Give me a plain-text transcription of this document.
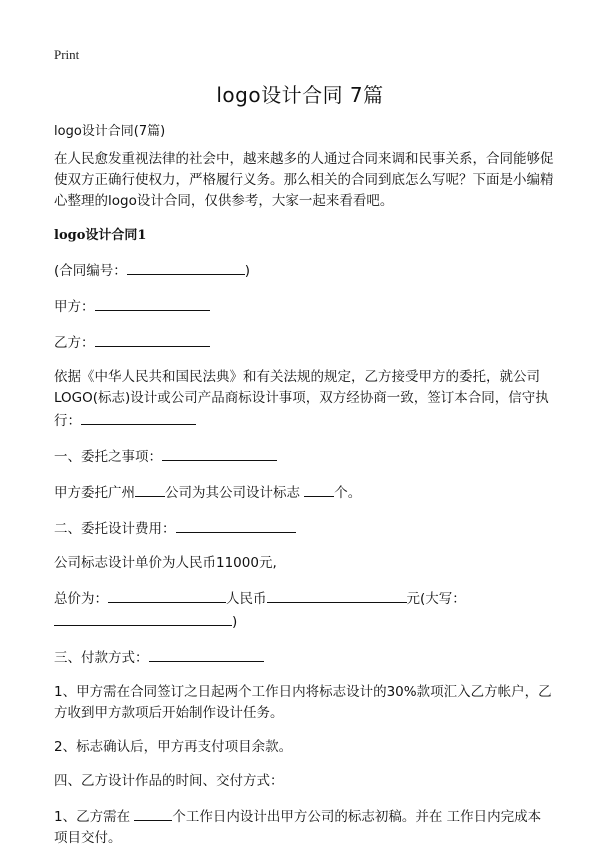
Print
logo设计合同 7篇

logo设计合同(7篇)

在人民愈发重视法律的社会中，越来越多的人通过合同来调和民事关系，合同能够促使双方正确行使权力，严格履行义务。那么相关的合同到底怎么写呢？下面是小编精心整理的logo设计合同，仅供参考，大家一起来看看吧。

logo设计合同1

(合同编号：	)

甲方：

乙方：

依据《中华人民共和国民法典》和有关法规的规定，乙方接受甲方的委托，就公司LOGO(标志)设计或公司产品商标设计事项，双方经协商一致，签订本合同，信守执行：

一、委托之事项：

甲方委托广州 公司为其公司设计标志	个。

二、委托设计费用：

公司标志设计单价为人民币11000元,

总价为：	人民币	元(大写：
)

三、付款方式：

1、甲方需在合同签订之日起两个工作日内将标志设计的30%款项汇入乙方帐户，乙方收到甲方款项后开始制作设计任务。

2、标志确认后，甲方再支付项目余款。

四、乙方设计作品的时间、交付方式：

1、乙方需在	个工作日内设计出甲方公司的标志初稿。并在 工作日内完成本项目交付。
